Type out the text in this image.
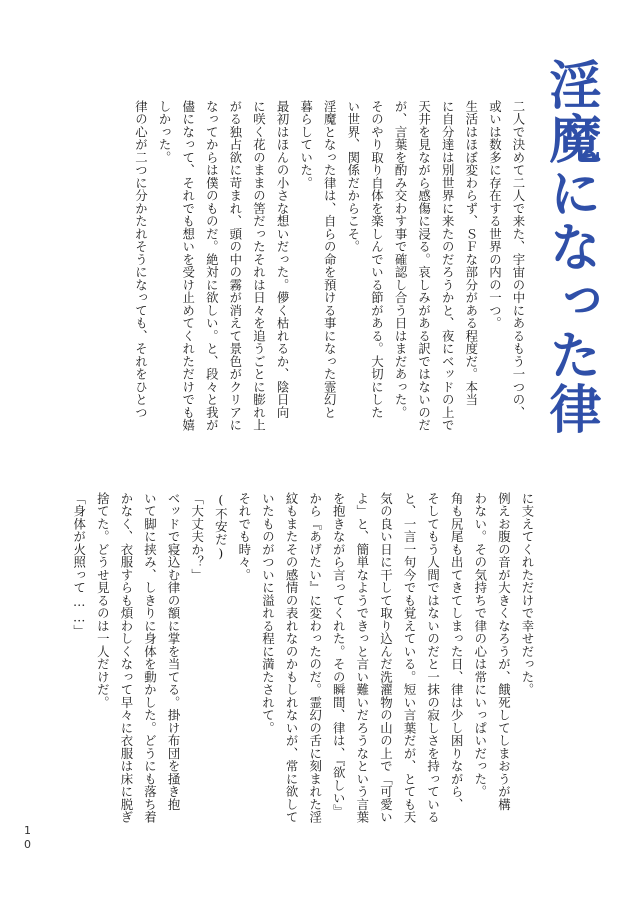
淫魔になった律
二人で決めて二人で来た、宇宙の中にあるもう一つの、
或いは数多に存在する世界の内の一つ。
生活はほぼ変わらず、ＳＦな部分がある程度だ。本当
に自分達は別世界に来たのだろうかと、夜にベッドの上で
天井を見ながら感傷に浸る。哀しみがある訳ではないのだ
が、言葉を酌み交わす事で確認し合う日はまだあった。
そのやり取り自体を楽しんでいる節がある。大切にした
い世界、関係だからこそ。
淫魔となった律は、自らの命を預ける事になった霊幻と
暮らしていた。
最初はほんの小さな想いだった。儚く枯れるか、陰日向
に咲く花のままの筈だったそれは日々を追うごとに膨れ上
がる独占欲に苛まれ、頭の中の霧が消えて景色がクリアに
なってからは僕のものだ。絶対に欲しい。と、段々と我が
儘になって、それでも想いを受け止めてくれただけでも嬉
しかった。
律の心が二つに分かたれそうになっても、それをひとつ
に支えてくれただけで幸せだった。
例えお腹の音が大きくなろうが、餓死してしまおうが構
わない。その気持ちで律の心は常にいっぱいだった。
角も尻尾も出てきてしまった日、律は少し困りながら、
そしてもう人間ではないのだと一抹の寂しさを持っている
と、一言一句今でも覚えている。短い言葉だが、とても天
気の良い日に干して取り込んだ洗濯物の山の上で「可愛い
よ」と、簡単なようできっと言い難いだろうなという言葉
を抱きながら言ってくれた。その瞬間、律は、『欲しい』
から『あげたい』に変わったのだ。霊幻の舌に刻まれた淫
紋もまたその感情の表れなのかもしれないが、常に欲して
いたものがついに溢れる程に満たされて。
それでも時々。
(不安だ)
「大丈夫か？」
ベッドで寝込む律の額に掌を当てる。掛け布団を掻き抱
いて脚に挟み、しきりに身体を動かした。どうにも落ち着
かなく、衣服すらも煩わしくなって早々に衣服は床に脱ぎ
捨てた。どうせ見るのは一人だけだ。
「身体が火照って……」
10
